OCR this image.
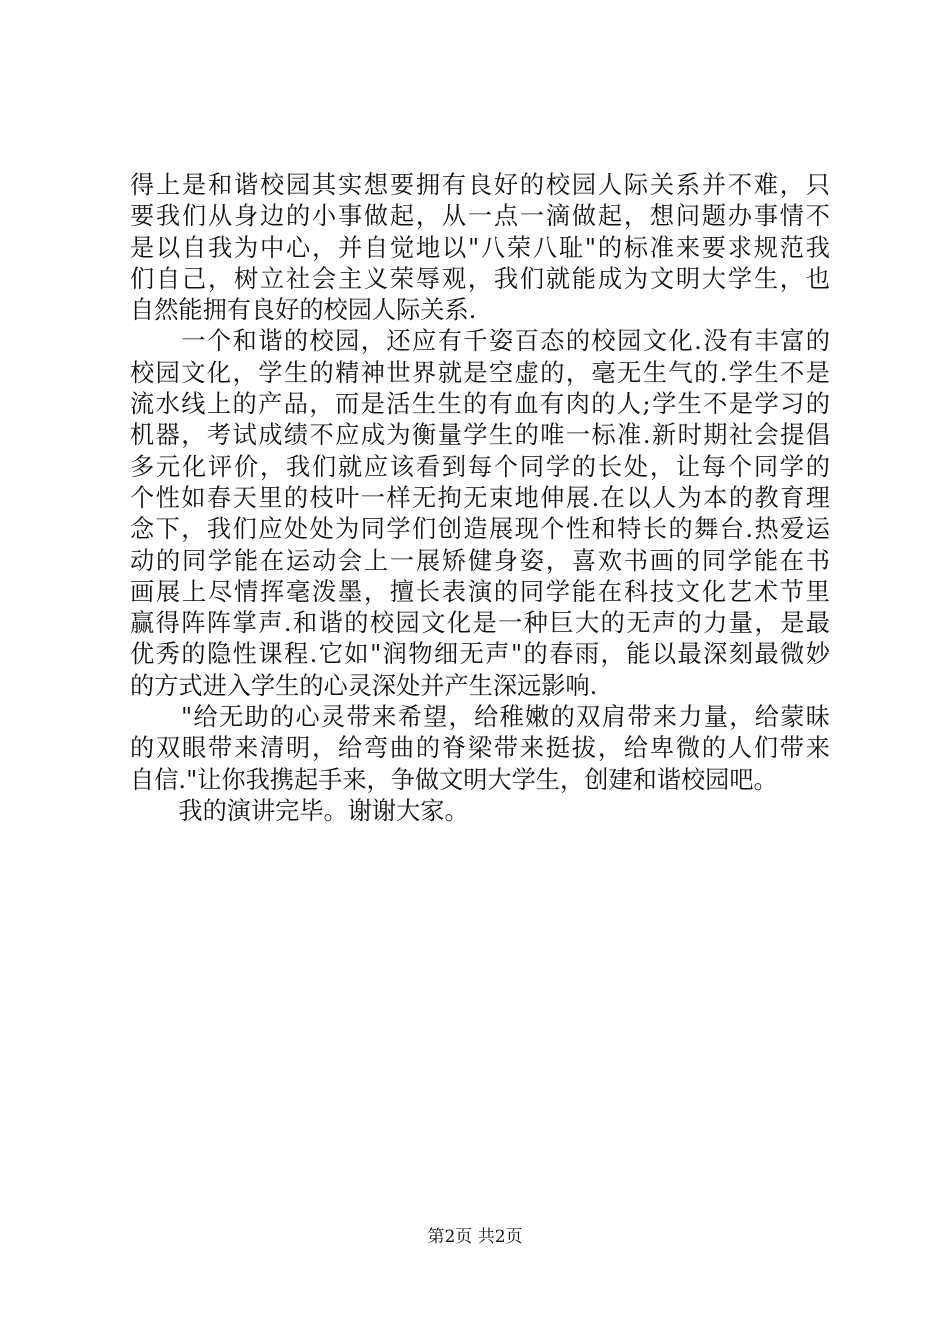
得上是和谐校园其实想要拥有良好的校园人际关系并不难，只
要我们从身边的小事做起，从一点一滴做起，想问题办事情不
是以自我为中心，并自觉地以"八荣八耻"的标准来要求规范我
们自己，树立社会主义荣辱观，我们就能成为文明大学生，也
自然能拥有良好的校园人际关系.
　　一个和谐的校园，还应有千姿百态的校园文化.没有丰富的
校园文化，学生的精神世界就是空虚的，毫无生气的.学生不是
流水线上的产品，而是活生生的有血有肉的人;学生不是学习的
机器，考试成绩不应成为衡量学生的唯一标准.新时期社会提倡
多元化评价，我们就应该看到每个同学的长处，让每个同学的
个性如春天里的枝叶一样无拘无束地伸展.在以人为本的教育理
念下，我们应处处为同学们创造展现个性和特长的舞台.热爱运
动的同学能在运动会上一展矫健身姿，喜欢书画的同学能在书
画展上尽情挥毫泼墨，擅长表演的同学能在科技文化艺术节里
赢得阵阵掌声.和谐的校园文化是一种巨大的无声的力量，是最
优秀的隐性课程.它如"润物细无声"的春雨，能以最深刻最微妙
的方式进入学生的心灵深处并产生深远影响.
　　"给无助的心灵带来希望，给稚嫩的双肩带来力量，给蒙昧
的双眼带来清明，给弯曲的脊梁带来挺拔，给卑微的人们带来
自信."让你我携起手来，争做文明大学生，创建和谐校园吧。
　　我的演讲完毕。谢谢大家。
第2页 共2页
